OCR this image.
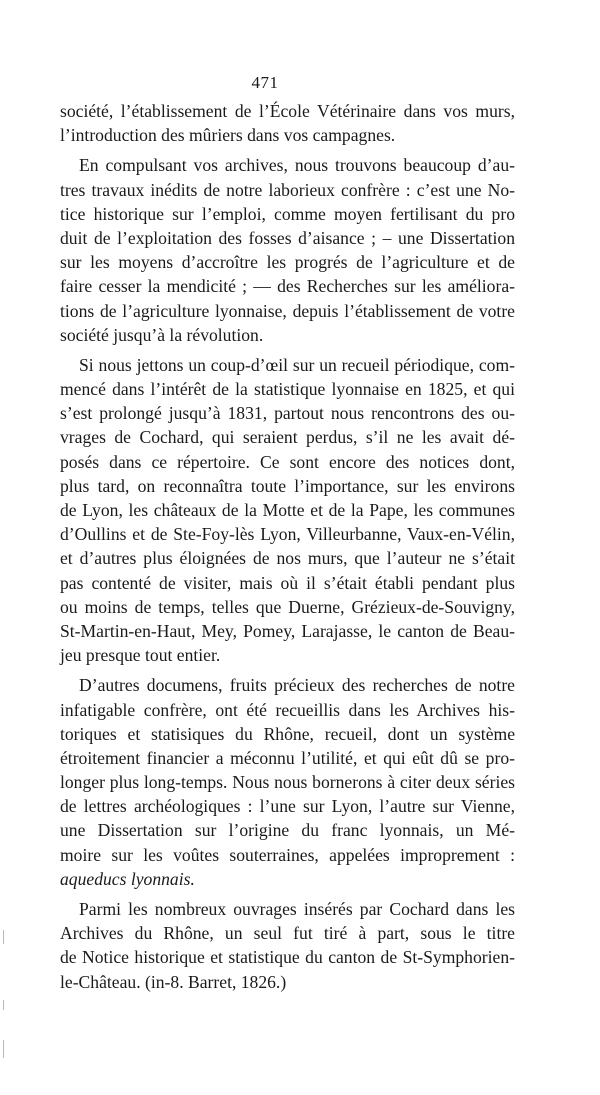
471
société, l’établissement de l’École Vétérinaire dans vos murs,
l’introduction des mûriers dans vos campagnes.
En compulsant vos archives, nous trouvons beaucoup d’au-
tres travaux inédits de notre laborieux confrère : c’est une No-
tice historique sur l’emploi, comme moyen fertilisant du pro
duit de l’exploitation des fosses d’aisance ; – une Dissertation
sur les moyens d’accroître les progrés de l’agriculture et de
faire cesser la mendicité ; — des Recherches sur les améliora-
tions de l’agriculture lyonnaise, depuis l’établissement de votre
société jusqu’à la révolution.
Si nous jettons un coup-d’œil sur un recueil périodique, com-
mencé dans l’intérêt de la statistique lyonnaise en 1825, et qui
s’est prolongé jusqu’à 1831, partout nous rencontrons des ou-
vrages de Cochard, qui seraient perdus, s’il ne les avait dé-
posés dans ce répertoire. Ce sont encore des notices dont,
plus tard, on reconnaîtra toute l’importance, sur les environs
de Lyon, les châteaux de la Motte et de la Pape, les communes
d’Oullins et de Ste-Foy-lès Lyon, Villeurbanne, Vaux-en-Vélin,
et d’autres plus éloignées de nos murs, que l’auteur ne s’était
pas contenté de visiter, mais où il s’était établi pendant plus
ou moins de temps, telles que Duerne, Grézieux-de-Souvigny,
St-Martin-en-Haut, Mey, Pomey, Larajasse, le canton de Beau-
jeu presque tout entier.
D’autres documens, fruits précieux des recherches de notre
infatigable confrère, ont été recueillis dans les Archives his-
toriques et statisiques du Rhône, recueil, dont un système
étroitement financier a méconnu l’utilité, et qui eût dû se pro-
longer plus long-temps. Nous nous bornerons à citer deux séries
de lettres archéologiques : l’une sur Lyon, l’autre sur Vienne,
une Dissertation sur l’origine du franc lyonnais, un Mé-
moire sur les voûtes souterraines, appelées improprement :
aqueducs lyonnais.
Parmi les nombreux ouvrages insérés par Cochard dans les
Archives du Rhône, un seul fut tiré à part, sous le titre
de Notice historique et statistique du canton de St-Symphorien-
le-Château. (in-8. Barret, 1826.)
